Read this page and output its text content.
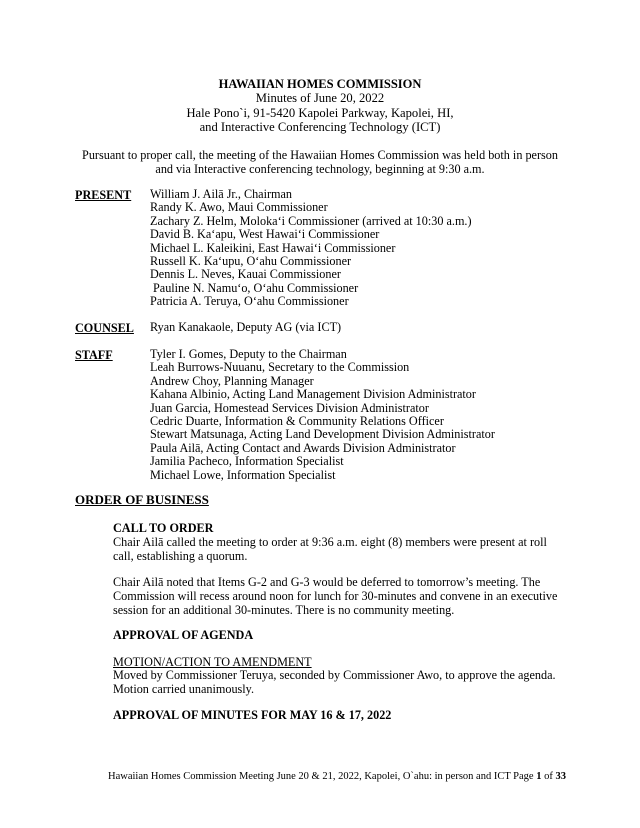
HAWAIIAN HOMES COMMISSION
Minutes of June 20, 2022
Hale Pono`i, 91-5420 Kapolei Parkway, Kapolei, HI,
and Interactive Conferencing Technology (ICT)
Pursuant to proper call, the meeting of the Hawaiian Homes Commission was held both in person and via Interactive conferencing technology, beginning at 9:30 a.m.
PRESENT William J. Ailā Jr., Chairman
Randy K. Awo, Maui Commissioner
Zachary Z. Helm, Moloka‘i Commissioner (arrived at 10:30 a.m.)
David B. Ka‘apu, West Hawai‘i Commissioner
Michael L. Kaleikini, East Hawai‘i Commissioner
Russell K. Ka‘upu, O‘ahu Commissioner
Dennis L. Neves, Kauai Commissioner
Pauline N. Namu‘o, O‘ahu Commissioner
Patricia A. Teruya, O‘ahu Commissioner
COUNSEL Ryan Kanakaole, Deputy AG (via ICT)
STAFF	Tyler I. Gomes, Deputy to the Chairman
Leah Burrows-Nuuanu, Secretary to the Commission
Andrew Choy, Planning Manager
Kahana Albinio, Acting Land Management Division Administrator
Juan Garcia, Homestead Services Division Administrator
Cedric Duarte, Information & Community Relations Officer
Stewart Matsunaga, Acting Land Development Division Administrator
Paula Ailā, Acting Contact and Awards Division Administrator
Jamilia Pacheco, Information Specialist
Michael Lowe, Information Specialist
ORDER OF BUSINESS
CALL TO ORDER
Chair Ailā called the meeting to order at 9:36 a.m. eight (8) members were present at roll call, establishing a quorum.
Chair Ailā noted that Items G-2 and G-3 would be deferred to tomorrow’s meeting. The Commission will recess around noon for lunch for 30-minutes and convene in an executive session for an additional 30-minutes. There is no community meeting.
APPROVAL OF AGENDA
MOTION/ACTION TO AMENDMENT
Moved by Commissioner Teruya, seconded by Commissioner Awo, to approve the agenda. Motion carried unanimously.
APPROVAL OF MINUTES FOR MAY 16 & 17, 2022
Hawaiian Homes Commission Meeting June 20 & 21, 2022, Kapolei, O`ahu: in person and ICT Page 1 of 33
